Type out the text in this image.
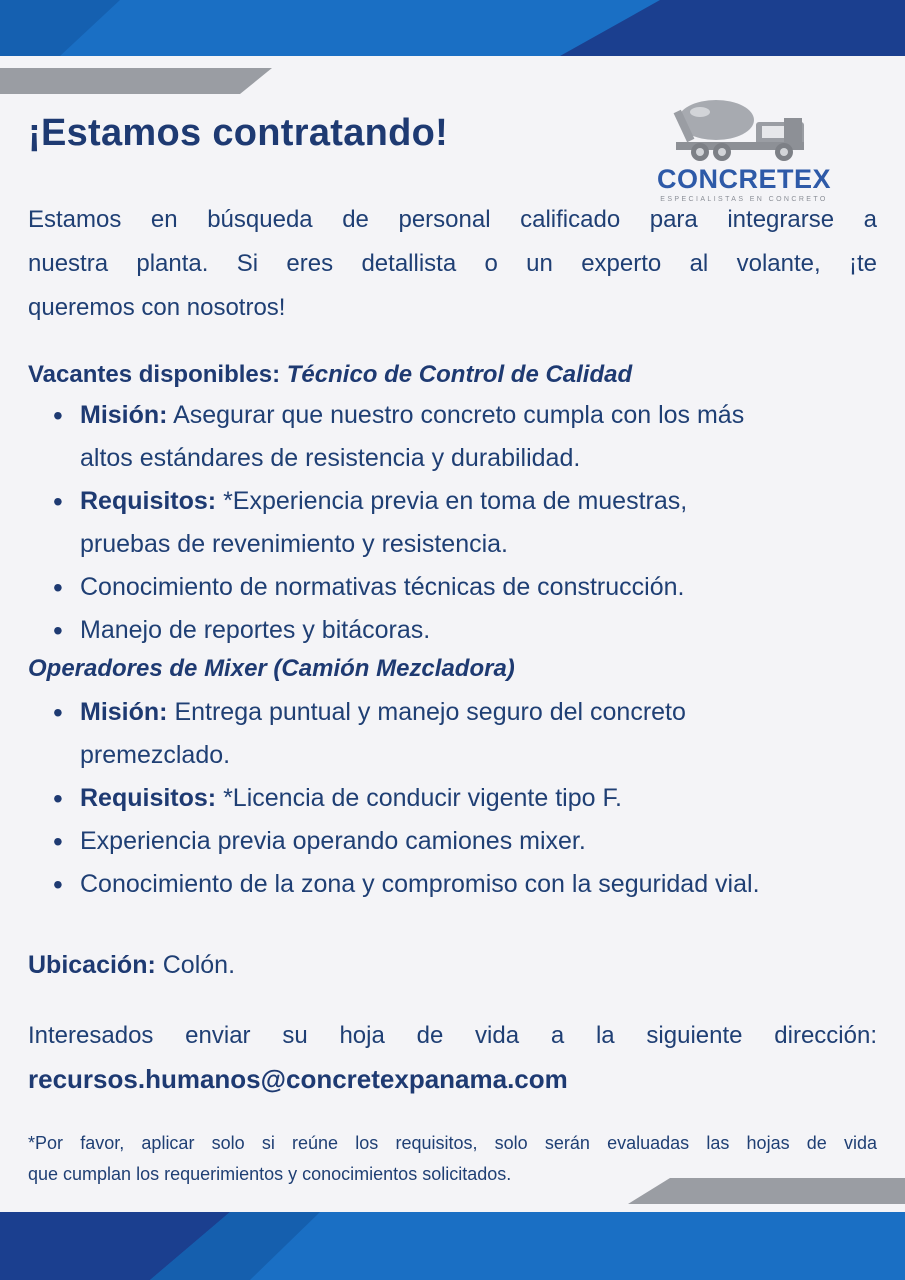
¡Estamos contratando!
CONCRETEX
ESPECIALISTAS EN CONCRETO

Estamos en búsqueda de personal calificado para integrarse a

nuestra planta. Si eres detallista o un experto al volante, ¡te

queremos con nosotros!

Vacantes disponibles: Técnico de Control de Calidad
• Misión: Asegurar que nuestro concreto cumpla con los más
altos estándares de resistencia y durabilidad.
• Requisitos: *Experiencia previa en toma de muestras,
pruebas de revenimiento y resistencia.
• Conocimiento de normativas técnicas de construcción.
• Manejo de reportes y bitácoras.
Operadores de Mixer (Camión Mezcladora)
• Misión: Entrega puntual y manejo seguro del concreto
premezclado.
• Requisitos: *Licencia de conducir vigente tipo F.
• Experiencia previa operando camiones mixer.
• Conocimiento de la zona y compromiso con la seguridad vial.
Ubicación: Colón.
Interesados enviar su hoja de vida a la siguiente dirección:
recursos.humanos@concretexpanama.com
*Por favor, aplicar solo si reúne los requisitos, solo serán evaluadas las hojas de vida
que cumplan los requerimientos y conocimientos solicitados.
